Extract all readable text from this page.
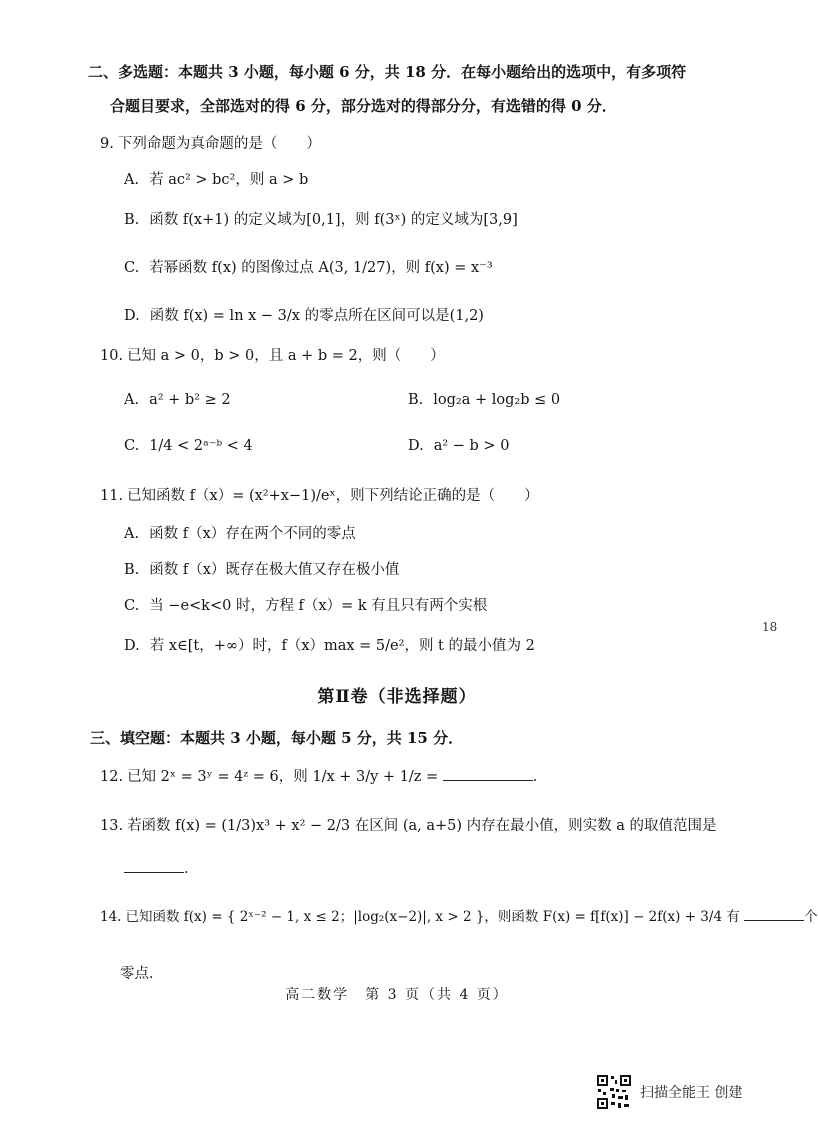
二、多选题：本题共 3 小题，每小题 6 分，共 18 分．在每小题给出的选项中，有多项符
合题目要求，全部选对的得 6 分，部分选对的得部分分，有选错的得 0 分．
9. 下列命题为真命题的是（　　）
A. 若 ac² > bc²，则 a > b
B. 函数 f(x+1) 的定义域为[0,1]，则 f(3ˣ) 的定义域为[3,9]
C. 若幂函数 f(x) 的图像过点 A(3, 1/27)，则 f(x) = x⁻³
D. 函数 f(x) = ln x − 3/x 的零点所在区间可以是(1,2)
10. 已知 a > 0，b > 0，且 a + b = 2，则（　　）
A. a² + b² ≥ 2	B. log₂a + log₂b ≤ 0
C. 1/4 < 2ᵃ⁻ᵇ < 4	D. a² − b > 0
11. 已知函数 f（x）= (x²+x−1)/eˣ，则下列结论正确的是（　　）
A. 函数 f（x）存在两个不同的零点
B. 函数 f（x）既存在极大值又存在极小值
C. 当 −e<k<0 时，方程 f（x）= k 有且只有两个实根
D. 若 x∈[t，+∞）时，f（x）max = 5/e²，则 t 的最小值为 2
第Ⅱ卷（非选择题）
三、填空题：本题共 3 小题，每小题 5 分，共 15 分．
12. 已知 2ˣ = 3ʸ = 4ᶻ = 6，则 1/x + 3/y + 1/z =	．
13. 若函数 f(x) = (1/3)x³ + x² − 2/3 在区间 (a, a+5) 内存在最小值，则实数 a 的取值范围是
．
14. 已知函数 f(x) = { 2ˣ⁻² − 1, x ≤ 2；|log₂(x−2)|, x > 2 }，则函数 F(x) = f[f(x)] − 2f(x) + 3/4 有	个
零点．
高二数学　第 3 页（共 4 页）
18
扫描全能王 创建
